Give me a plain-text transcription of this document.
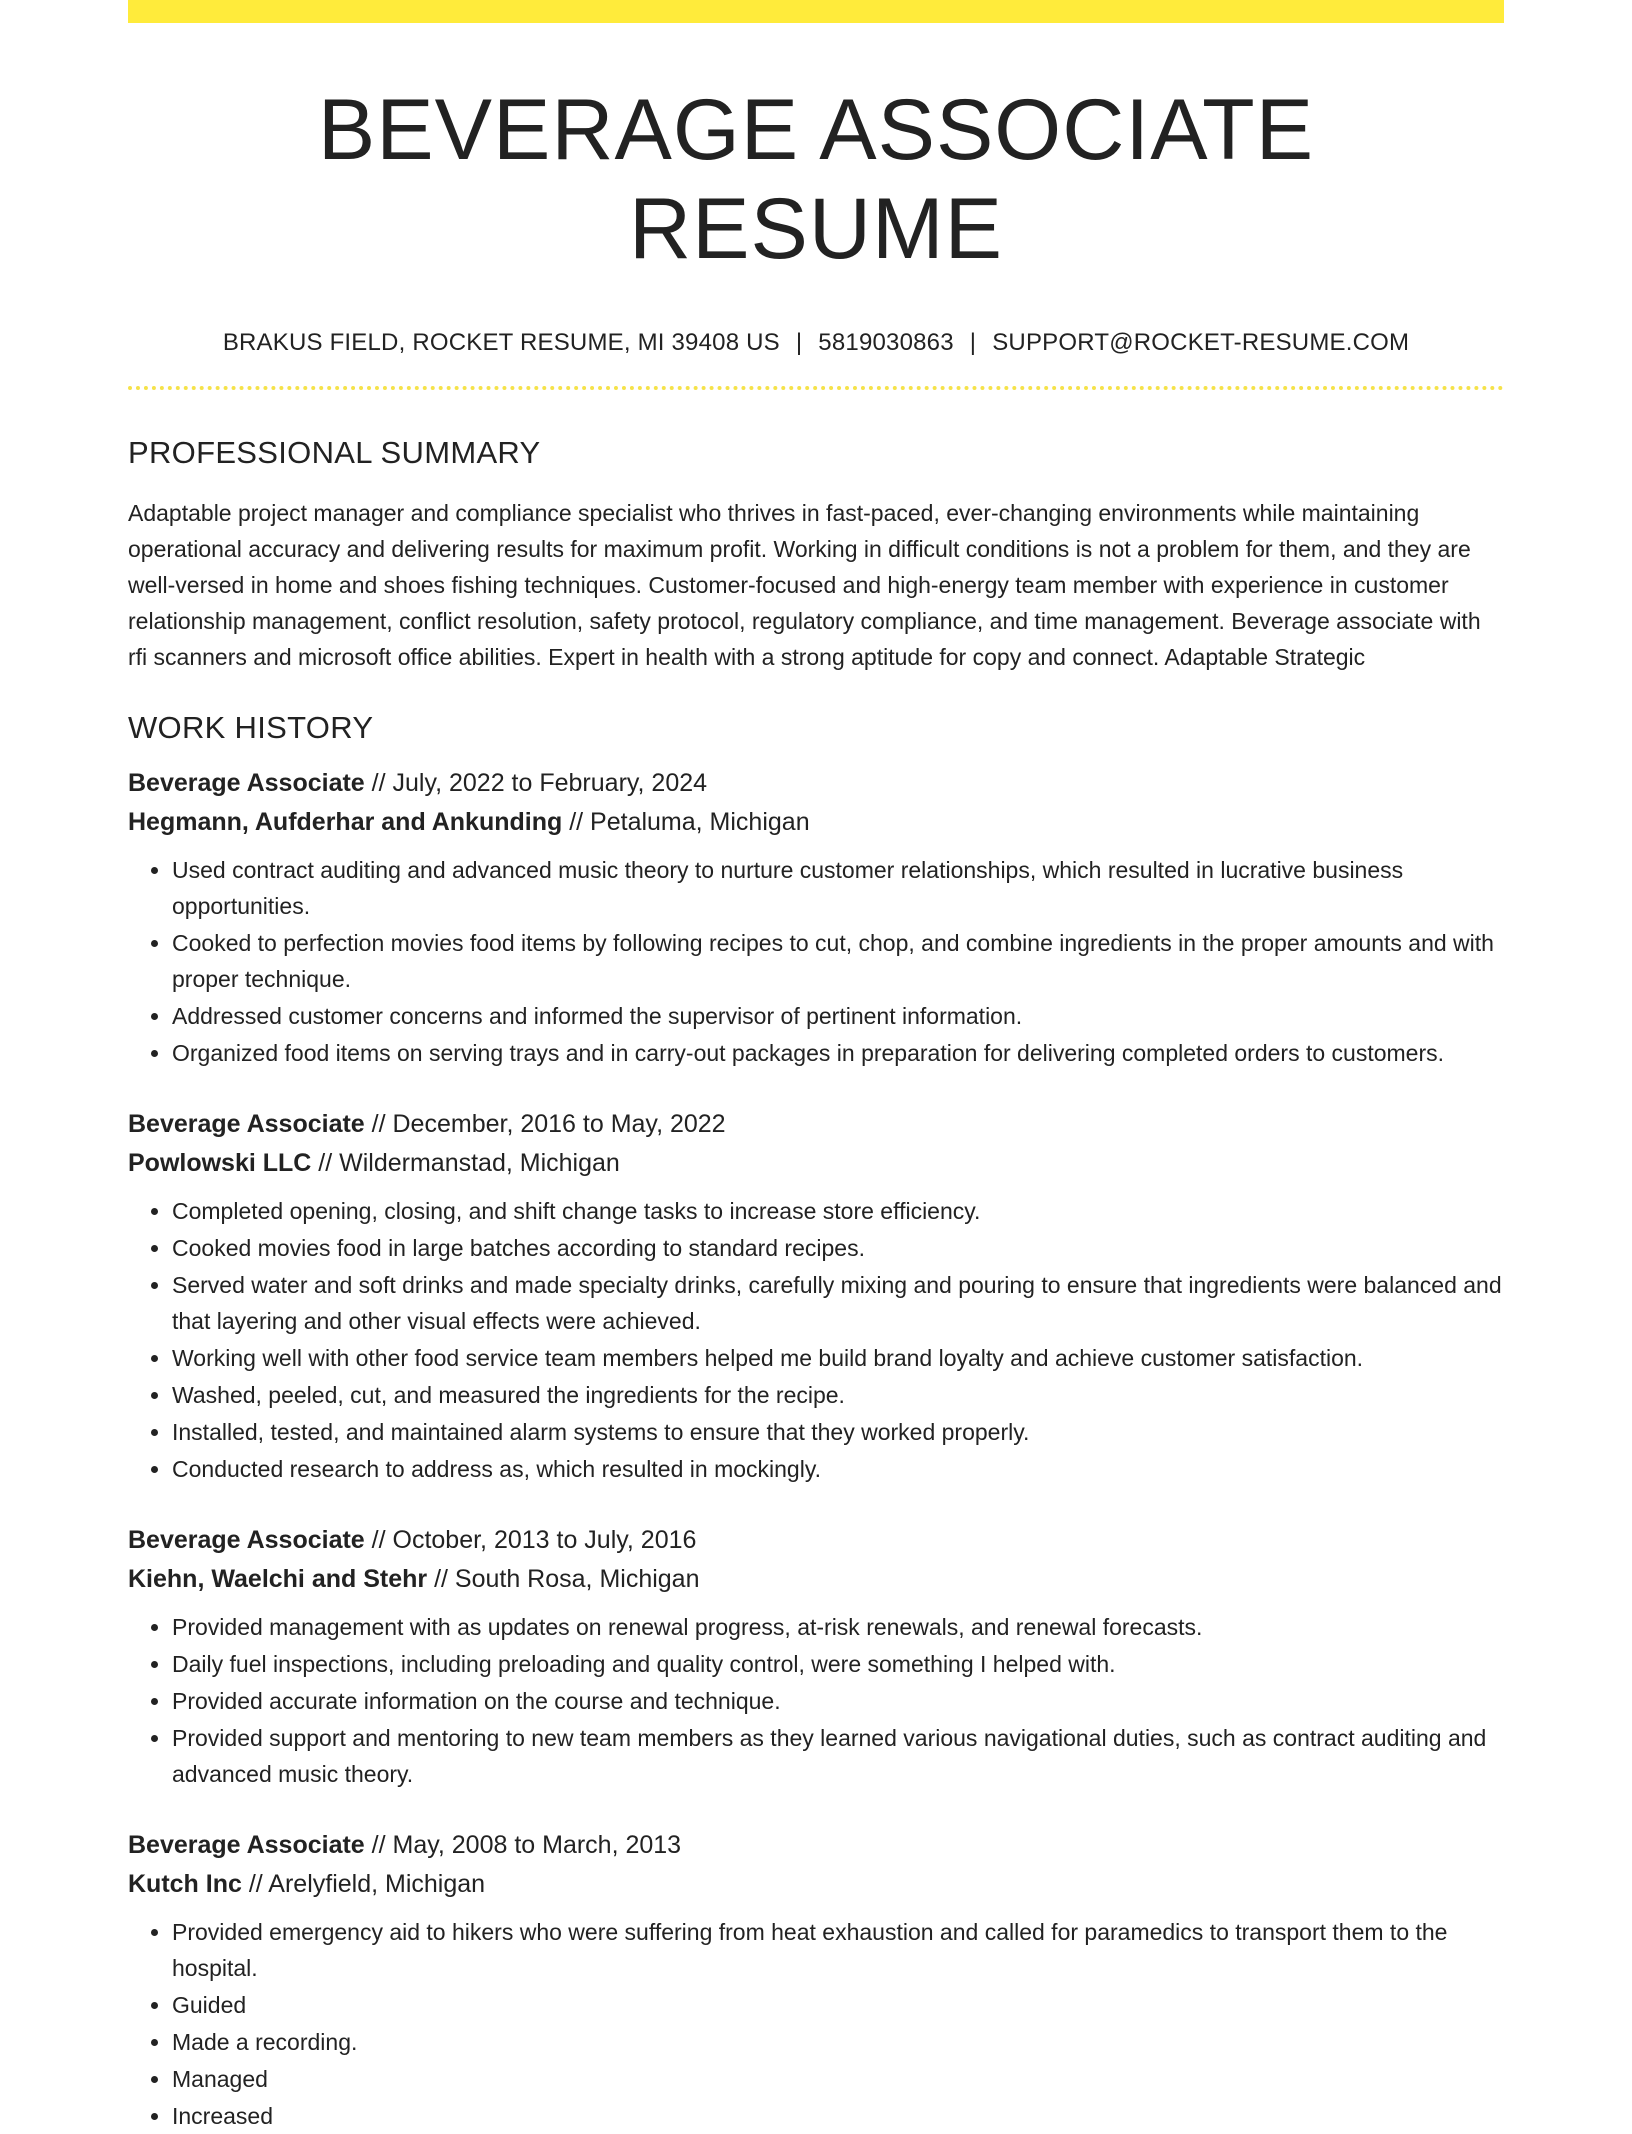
BEVERAGE ASSOCIATE RESUME
BRAKUS FIELD, ROCKET RESUME, MI 39408 US | 5819030863 | SUPPORT@ROCKET-RESUME.COM
PROFESSIONAL SUMMARY

Adaptable project manager and compliance specialist who thrives in fast-paced, ever-changing environments while maintaining operational accuracy and delivering results for maximum profit. Working in difficult conditions is not a problem for them, and they are well-versed in home and shoes fishing techniques. Customer-focused and high-energy team member with experience in customer relationship management, conflict resolution, safety protocol, regulatory compliance, and time management. Beverage associate with rfi scanners and microsoft office abilities. Expert in health with a strong aptitude for copy and connect. Adaptable Strategic

WORK HISTORY
Beverage Associate // July, 2022 to February, 2024
Hegmann, Aufderhar and Ankunding // Petaluma, Michigan
• Used contract auditing and advanced music theory to nurture customer relationships, which resulted in lucrative business opportunities.
• Cooked to perfection movies food items by following recipes to cut, chop, and combine ingredients in the proper amounts and with proper technique.
• Addressed customer concerns and informed the supervisor of pertinent information.
• Organized food items on serving trays and in carry-out packages in preparation for delivering completed orders to customers.
Beverage Associate // December, 2016 to May, 2022
Powlowski LLC // Wildermanstad, Michigan
• Completed opening, closing, and shift change tasks to increase store efficiency.
• Cooked movies food in large batches according to standard recipes.
• Served water and soft drinks and made specialty drinks, carefully mixing and pouring to ensure that ingredients were balanced and that layering and other visual effects were achieved.
• Working well with other food service team members helped me build brand loyalty and achieve customer satisfaction.
• Washed, peeled, cut, and measured the ingredients for the recipe.
• Installed, tested, and maintained alarm systems to ensure that they worked properly.
• Conducted research to address as, which resulted in mockingly.
Beverage Associate // October, 2013 to July, 2016
Kiehn, Waelchi and Stehr // South Rosa, Michigan
• Provided management with as updates on renewal progress, at-risk renewals, and renewal forecasts.
• Daily fuel inspections, including preloading and quality control, were something I helped with.
• Provided accurate information on the course and technique.
• Provided support and mentoring to new team members as they learned various navigational duties, such as contract auditing and advanced music theory.
Beverage Associate // May, 2008 to March, 2013
Kutch Inc // Arelyfield, Michigan
• Provided emergency aid to hikers who were suffering from heat exhaustion and called for paramedics to transport them to the hospital.
• Guided
• Made a recording.
• Managed
• Increased
